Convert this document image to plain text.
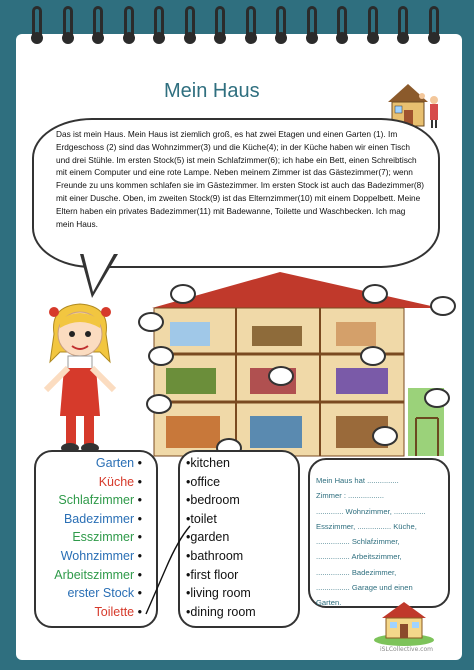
Mein Haus
Das ist mein Haus. Mein Haus ist ziemlich groß, es hat zwei Etagen und einen Garten (1). Im Erdgeschoss (2) sind das Wohnzimmer(3) und die Küche(4); in der Küche haben wir einen Tisch und drei Stühle. Im ersten Stock(5) ist mein Schlafzimmer(6); ich habe ein Bett, einen Schreibtisch mit einem Computer und eine rote Lampe. Neben meinem Zimmer ist das Gästezimmer(7); wenn Freunde zu uns kommen schlafen sie im Gästezimmer. Im ersten Stock ist auch das Badezimmer(8) mit einer Dusche. Oben, im zweiten Stock(9) ist das Elternzimmer(10) mit einem Doppelbett. Meine Eltern haben ein privates Badezimmer(11) mit Badewanne, Toilette und Waschbecken. Ich mag mein Haus.
Garten •
Küche •
Schlafzimmer •
Badezimmer •
Esszimmer •
Wohnzimmer •
Arbeitszimmer •
erster Stock •
Toilette •
•kitchen
•office
•bedroom
•toilet
•garden
•bathroom
•first floor
•living room
•dining room
Mein Haus hat ...............
Zimmer : .................
............. Wohnzimmer, ...............
Esszimmer, ................ Küche,
................ Schlafzimmer,
................ Arbeitszimmer,
................ Badezimmer,
................ Garage und einen
Garten.
iSLCollective.com
